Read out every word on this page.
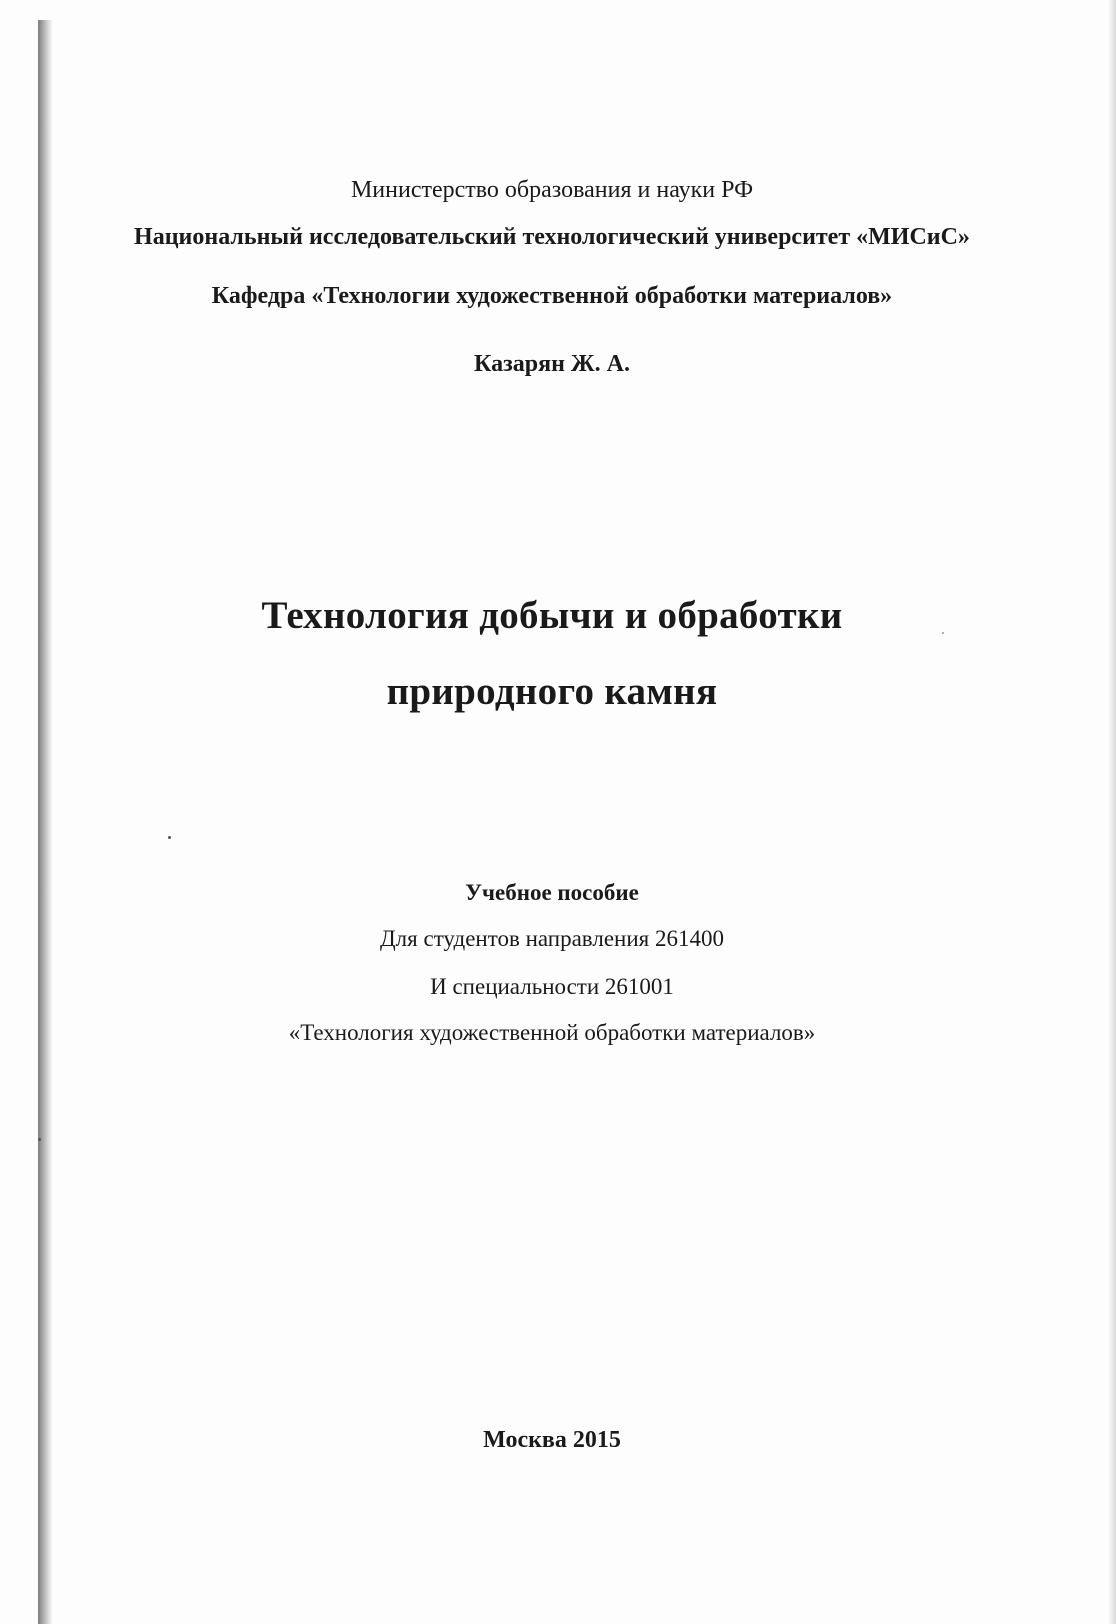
Министерство образования и науки РФ
Национальный исследовательский технологический университет «МИСиС»
Кафедра «Технологии художественной обработки материалов»
Казарян Ж. А.
Технология добычи и обработки
природного камня
Учебное пособие
Для студентов направления 261400
И специальности 261001
«Технология художественной обработки материалов»
Москва 2015
